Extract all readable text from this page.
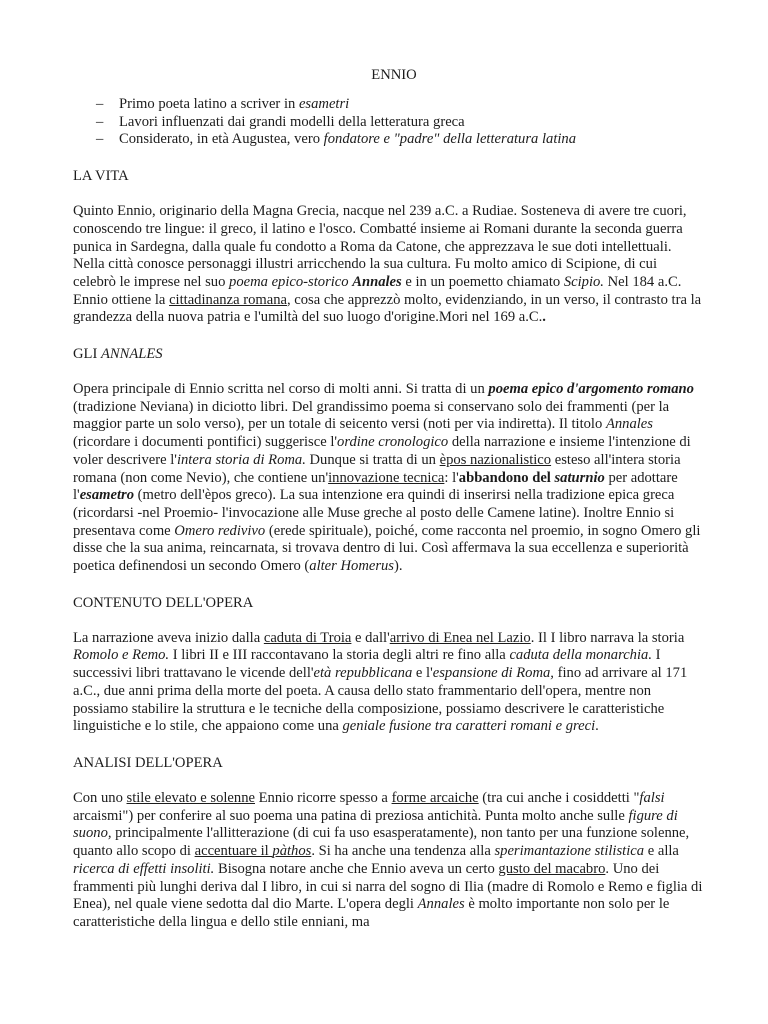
ENNIO
– Primo poeta latino a scriver in esametri
– Lavori influenzati dai grandi modelli della letteratura greca
– Considerato, in età Augustea, vero fondatore e "padre" della letteratura latina
LA VITA

Quinto Ennio, originario della Magna Grecia, nacque nel 239 a.C. a Rudiae. Sosteneva di avere tre cuori, conoscendo tre lingue: il greco, il latino e l'osco. Combatté insieme ai Romani durante la seconda guerra punica in Sardegna, dalla quale fu condotto a Roma da Catone, che apprezzava le sue doti intellettuali. Nella città conosce personaggi illustri arricchendo la sua cultura. Fu molto amico di Scipione, di cui celebrò le imprese nel suo poema epico-storico Annales e in un poemetto chiamato Scipio. Nel 184 a.C. Ennio ottiene la cittadinanza romana, cosa che apprezzò molto, evidenziando, in un verso, il contrasto tra la grandezza della nuova patria e l'umiltà del suo luogo d'origine.Mori nel 169 a.C..

GLI ANNALES

Opera principale di Ennio scritta nel corso di molti anni. Si tratta di un poema epico d'argomento romano (tradizione Neviana) in diciotto libri. Del grandissimo poema si conservano solo dei frammenti (per la maggior parte un solo verso), per un totale di seicento versi (noti per via indiretta). Il titolo Annales (ricordare i documenti pontifici) suggerisce l'ordine cronologico della narrazione e insieme l'intenzione di voler descrivere l'intera storia di Roma. Dunque si tratta di un èpos nazionalistico esteso all'intera storia romana (non come Nevio), che contiene un'innovazione tecnica: l'abbandono del saturnio per adottare l'esametro (metro dell'èpos greco). La sua intenzione era quindi di inserirsi nella tradizione epica greca (ricordarsi -nel Proemio- l'invocazione alle Muse greche al posto delle Camene latine). Inoltre Ennio si presentava come Omero redivivo (erede spirituale), poiché, come racconta nel proemio, in sogno Omero gli disse che la sua anima, reincarnata, si trovava dentro di lui. Così affermava la sua eccellenza e superiorità poetica definendosi un secondo Omero (alter Homerus).

CONTENUTO DELL'OPERA

La narrazione aveva inizio dalla caduta di Troia e dall'arrivo di Enea nel Lazio. Il I libro narrava la storia Romolo e Remo. I libri II e III raccontavano la storia degli altri re fino alla caduta della monarchia. I successivi libri trattavano le vicende dell'età repubblicana e l'espansione di Roma, fino ad arrivare al 171 a.C., due anni prima della morte del poeta. A causa dello stato frammentario dell'opera, mentre non possiamo stabilire la struttura e le tecniche della composizione, possiamo descrivere le caratteristiche linguistiche e lo stile, che appaiono come una geniale fusione tra caratteri romani e greci.

ANALISI DELL'OPERA

Con uno stile elevato e solenne Ennio ricorre spesso a forme arcaiche (tra cui anche i cosiddetti "falsi arcaismi") per conferire al suo poema una patina di preziosa antichità. Punta molto anche sulle figure di suono, principalmente l'allitterazione (di cui fa uso esasperatamente), non tanto per una funzione solenne, quanto allo scopo di accentuare il pàthos. Si ha anche una tendenza alla sperimantazione stilistica e alla ricerca di effetti insoliti. Bisogna notare anche che Ennio aveva un certo gusto del macabro. Uno dei frammenti più lunghi deriva dal I libro, in cui si narra del sogno di Ilia (madre di Romolo e Remo e figlia di Enea), nel quale viene sedotta dal dio Marte. L'opera degli Annales è molto importante non solo per le caratteristiche della lingua e dello stile enniani, ma
